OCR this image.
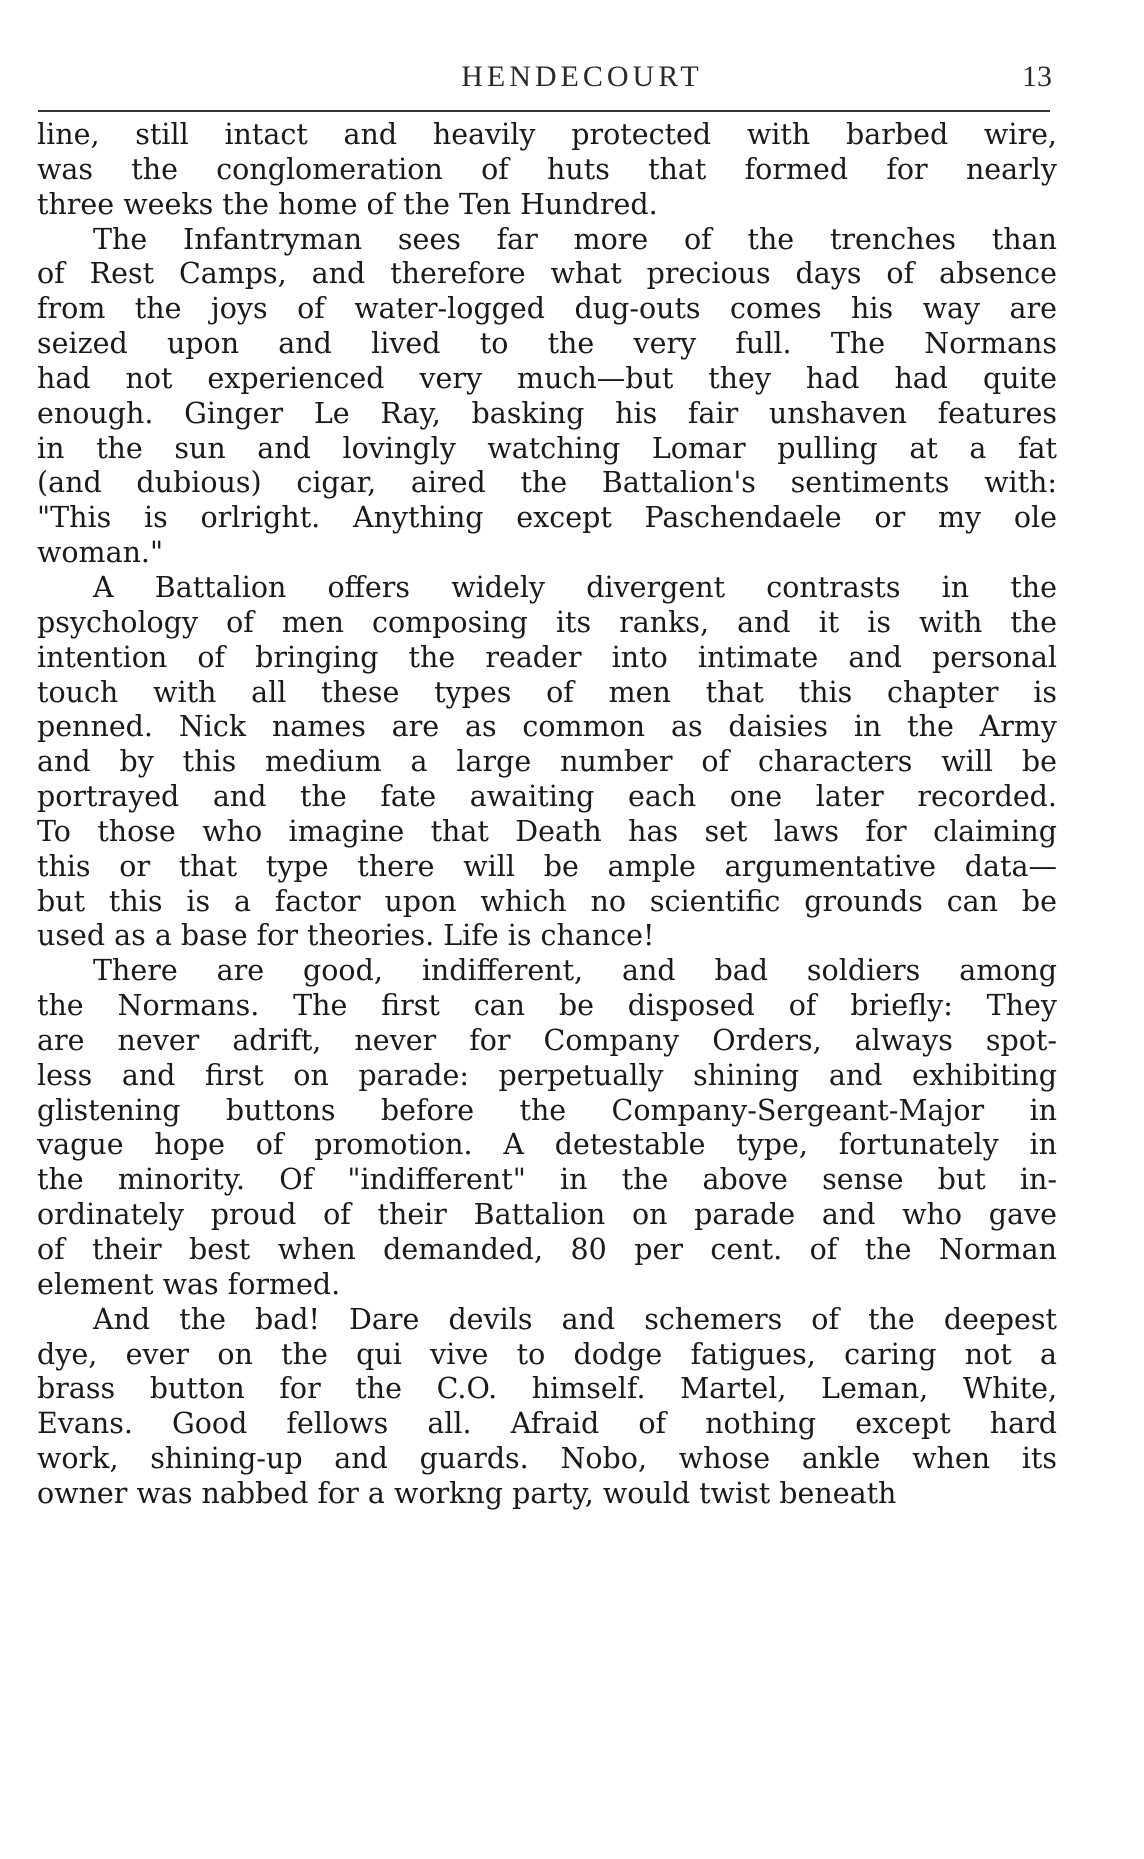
HENDECOURT	13
line, still intact and heavily protected with barbed wire,
was the conglomeration of huts that formed for nearly
three weeks the home of the Ten Hundred.
The Infantryman sees far more of the trenches than
of Rest Camps, and therefore what precious days of absence
from the joys of water-logged dug-outs comes his way are
seized upon and lived to the very full. The Normans
had not experienced very much—but they had had quite
enough. Ginger Le Ray, basking his fair unshaven features
in the sun and lovingly watching Lomar pulling at a fat
(and dubious) cigar, aired the Battalion's sentiments with:
"This is orlright. Anything except Paschendaele or my ole
woman."
A Battalion offers widely divergent contrasts in the
psychology of men composing its ranks, and it is with the
intention of bringing the reader into intimate and personal
touch with all these types of men that this chapter is
penned. Nick names are as common as daisies in the Army
and by this medium a large number of characters will be
portrayed and the fate awaiting each one later recorded.
To those who imagine that Death has set laws for claiming
this or that type there will be ample argumentative data—
but this is a factor upon which no scientific grounds can be
used as a base for theories. Life is chance!
There are good, indifferent, and bad soldiers among
the Normans. The first can be disposed of briefly: They
are never adrift, never for Company Orders, always spot-
less and first on parade: perpetually shining and exhibiting
glistening buttons before the Company-Sergeant-Major in
vague hope of promotion. A detestable type, fortunately in
the minority. Of "indifferent" in the above sense but in-
ordinately proud of their Battalion on parade and who gave
of their best when demanded, 80 per cent. of the Norman
element was formed.
And the bad! Dare devils and schemers of the deepest
dye, ever on the qui vive to dodge fatigues, caring not a
brass button for the C.O. himself. Martel, Leman, White,
Evans. Good fellows all. Afraid of nothing except hard
work, shining-up and guards. Nobo, whose ankle when its
owner was nabbed for a workng party, would twist beneath
